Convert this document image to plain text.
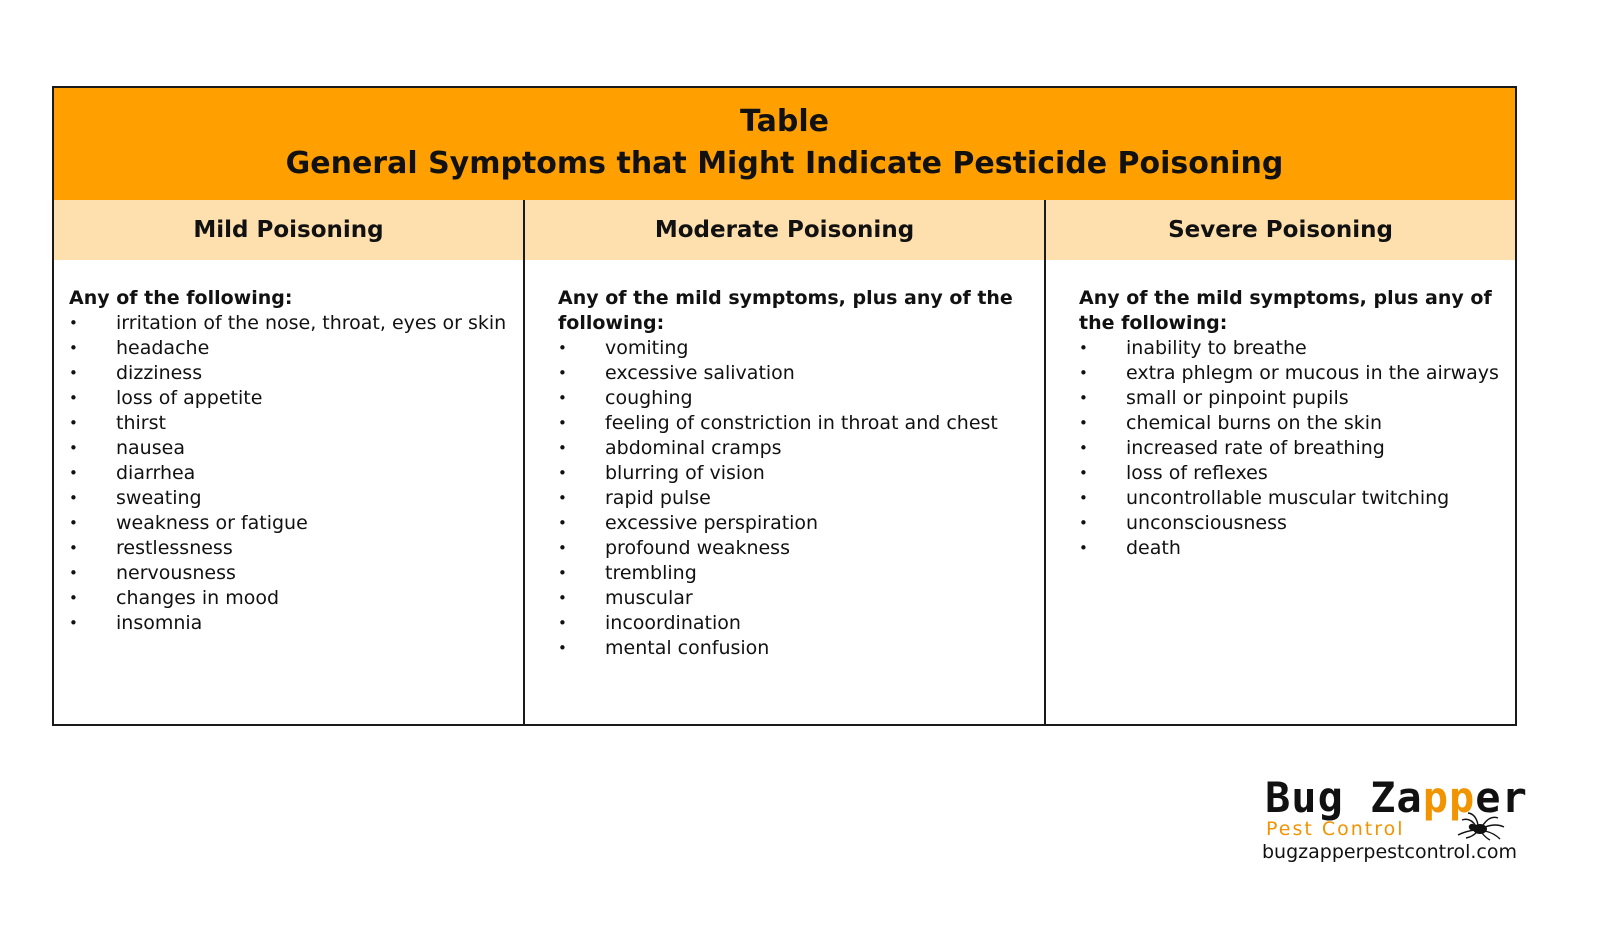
Table
General Symptoms that Might Indicate Pesticide Poisoning
Mild Poisoning
Any of the following:
• irritation of the nose, throat, eyes or skin
• headache
• dizziness
• loss of appetite
• thirst
• nausea
• diarrhea
• sweating
• weakness or fatigue
• restlessness
• nervousness
• changes in mood
• insomnia
Moderate Poisoning
Any of the mild symptoms, plus any of the following:
• vomiting
• excessive salivation
• coughing
• feeling of constriction in throat and chest
• abdominal cramps
• blurring of vision
• rapid pulse
• excessive perspiration
• profound weakness
• trembling
• muscular
• incoordination
• mental confusion
Severe Poisoning
Any of the mild symptoms, plus any of the following:
• inability to breathe
• extra phlegm or mucous in the airways
• small or pinpoint pupils
• chemical burns on the skin
• increased rate of breathing
• loss of reflexes
• uncontrollable muscular twitching
• unconsciousness
• death
Bug Zapper
Pest Control
bugzapperpestcontrol.com
